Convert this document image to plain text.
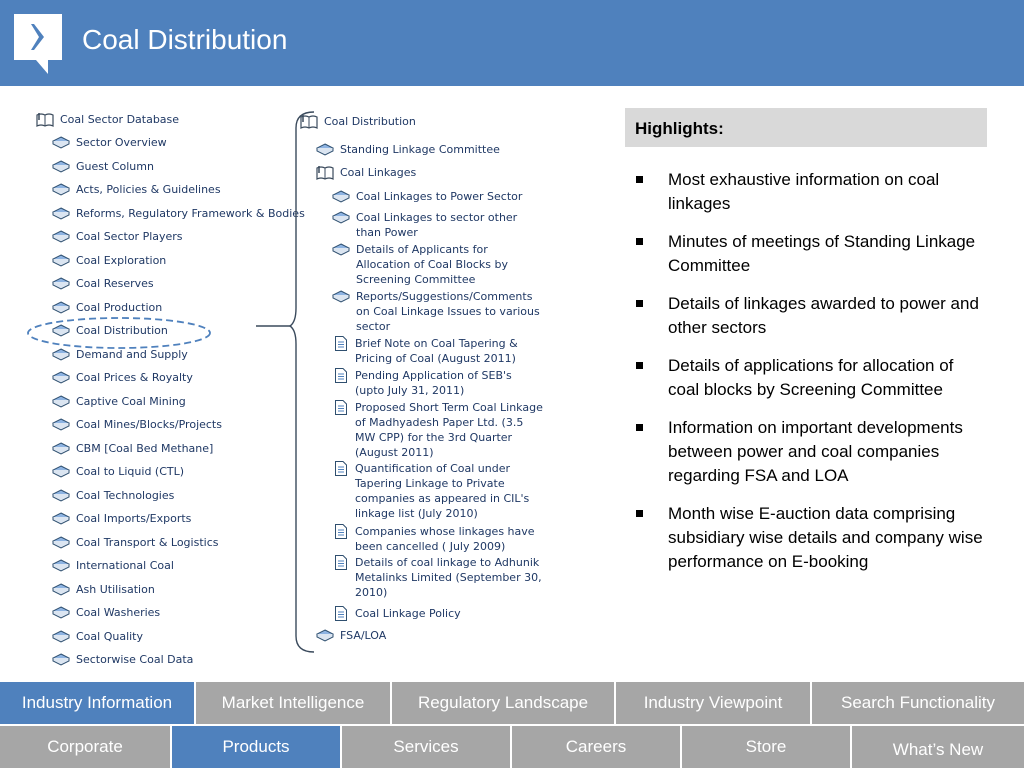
Coal Distribution
Coal Sector Database
Sector Overview
Guest Column
Acts, Policies & Guidelines
Reforms, Regulatory Framework & Bodies
Coal Sector Players
Coal Exploration
Coal Reserves
Coal Production
Coal Distribution
Demand and Supply
Coal Prices & Royalty
Captive Coal Mining
Coal Mines/Blocks/Projects
CBM [Coal Bed Methane]
Coal to Liquid (CTL)
Coal Technologies
Coal Imports/Exports
Coal Transport & Logistics
International Coal
Ash Utilisation
Coal Washeries
Coal Quality
Sectorwise Coal Data
Coal Distribution
Standing Linkage Committee
Coal Linkages
Coal Linkages to Power Sector
Coal Linkages to sector other than Power
Details of Applicants for Allocation of Coal Blocks by Screening Committee
Reports/Suggestions/Comments on Coal Linkage Issues to various sector
Brief Note on Coal Tapering & Pricing of Coal (August 2011)
Pending Application of SEB's (upto July 31, 2011)
Proposed Short Term Coal Linkage of Madhyadesh Paper Ltd. (3.5 MW CPP) for the 3rd Quarter (August 2011)
Quantification of Coal under Tapering Linkage to Private companies as appeared in CIL's linkage list (July 2010)
Companies whose linkages have been cancelled ( July 2009)
Details of coal linkage to Adhunik Metalinks Limited (September 30, 2010)
Coal Linkage Policy
FSA/LOA
Highlights:
Most exhaustive information on coal linkages
Minutes of meetings of Standing Linkage Committee
Details of linkages awarded to power and other sectors
Details of applications for allocation of coal blocks by Screening Committee
Information on important developments between power and coal companies regarding FSA and LOA
Month wise E-auction data comprising subsidiary wise details and company wise performance on E-booking
Industry Information	Market Intelligence	Regulatory Landscape	Industry Viewpoint	Search Functionality
Corporate	Products	Services	Careers	Store	What’s New
